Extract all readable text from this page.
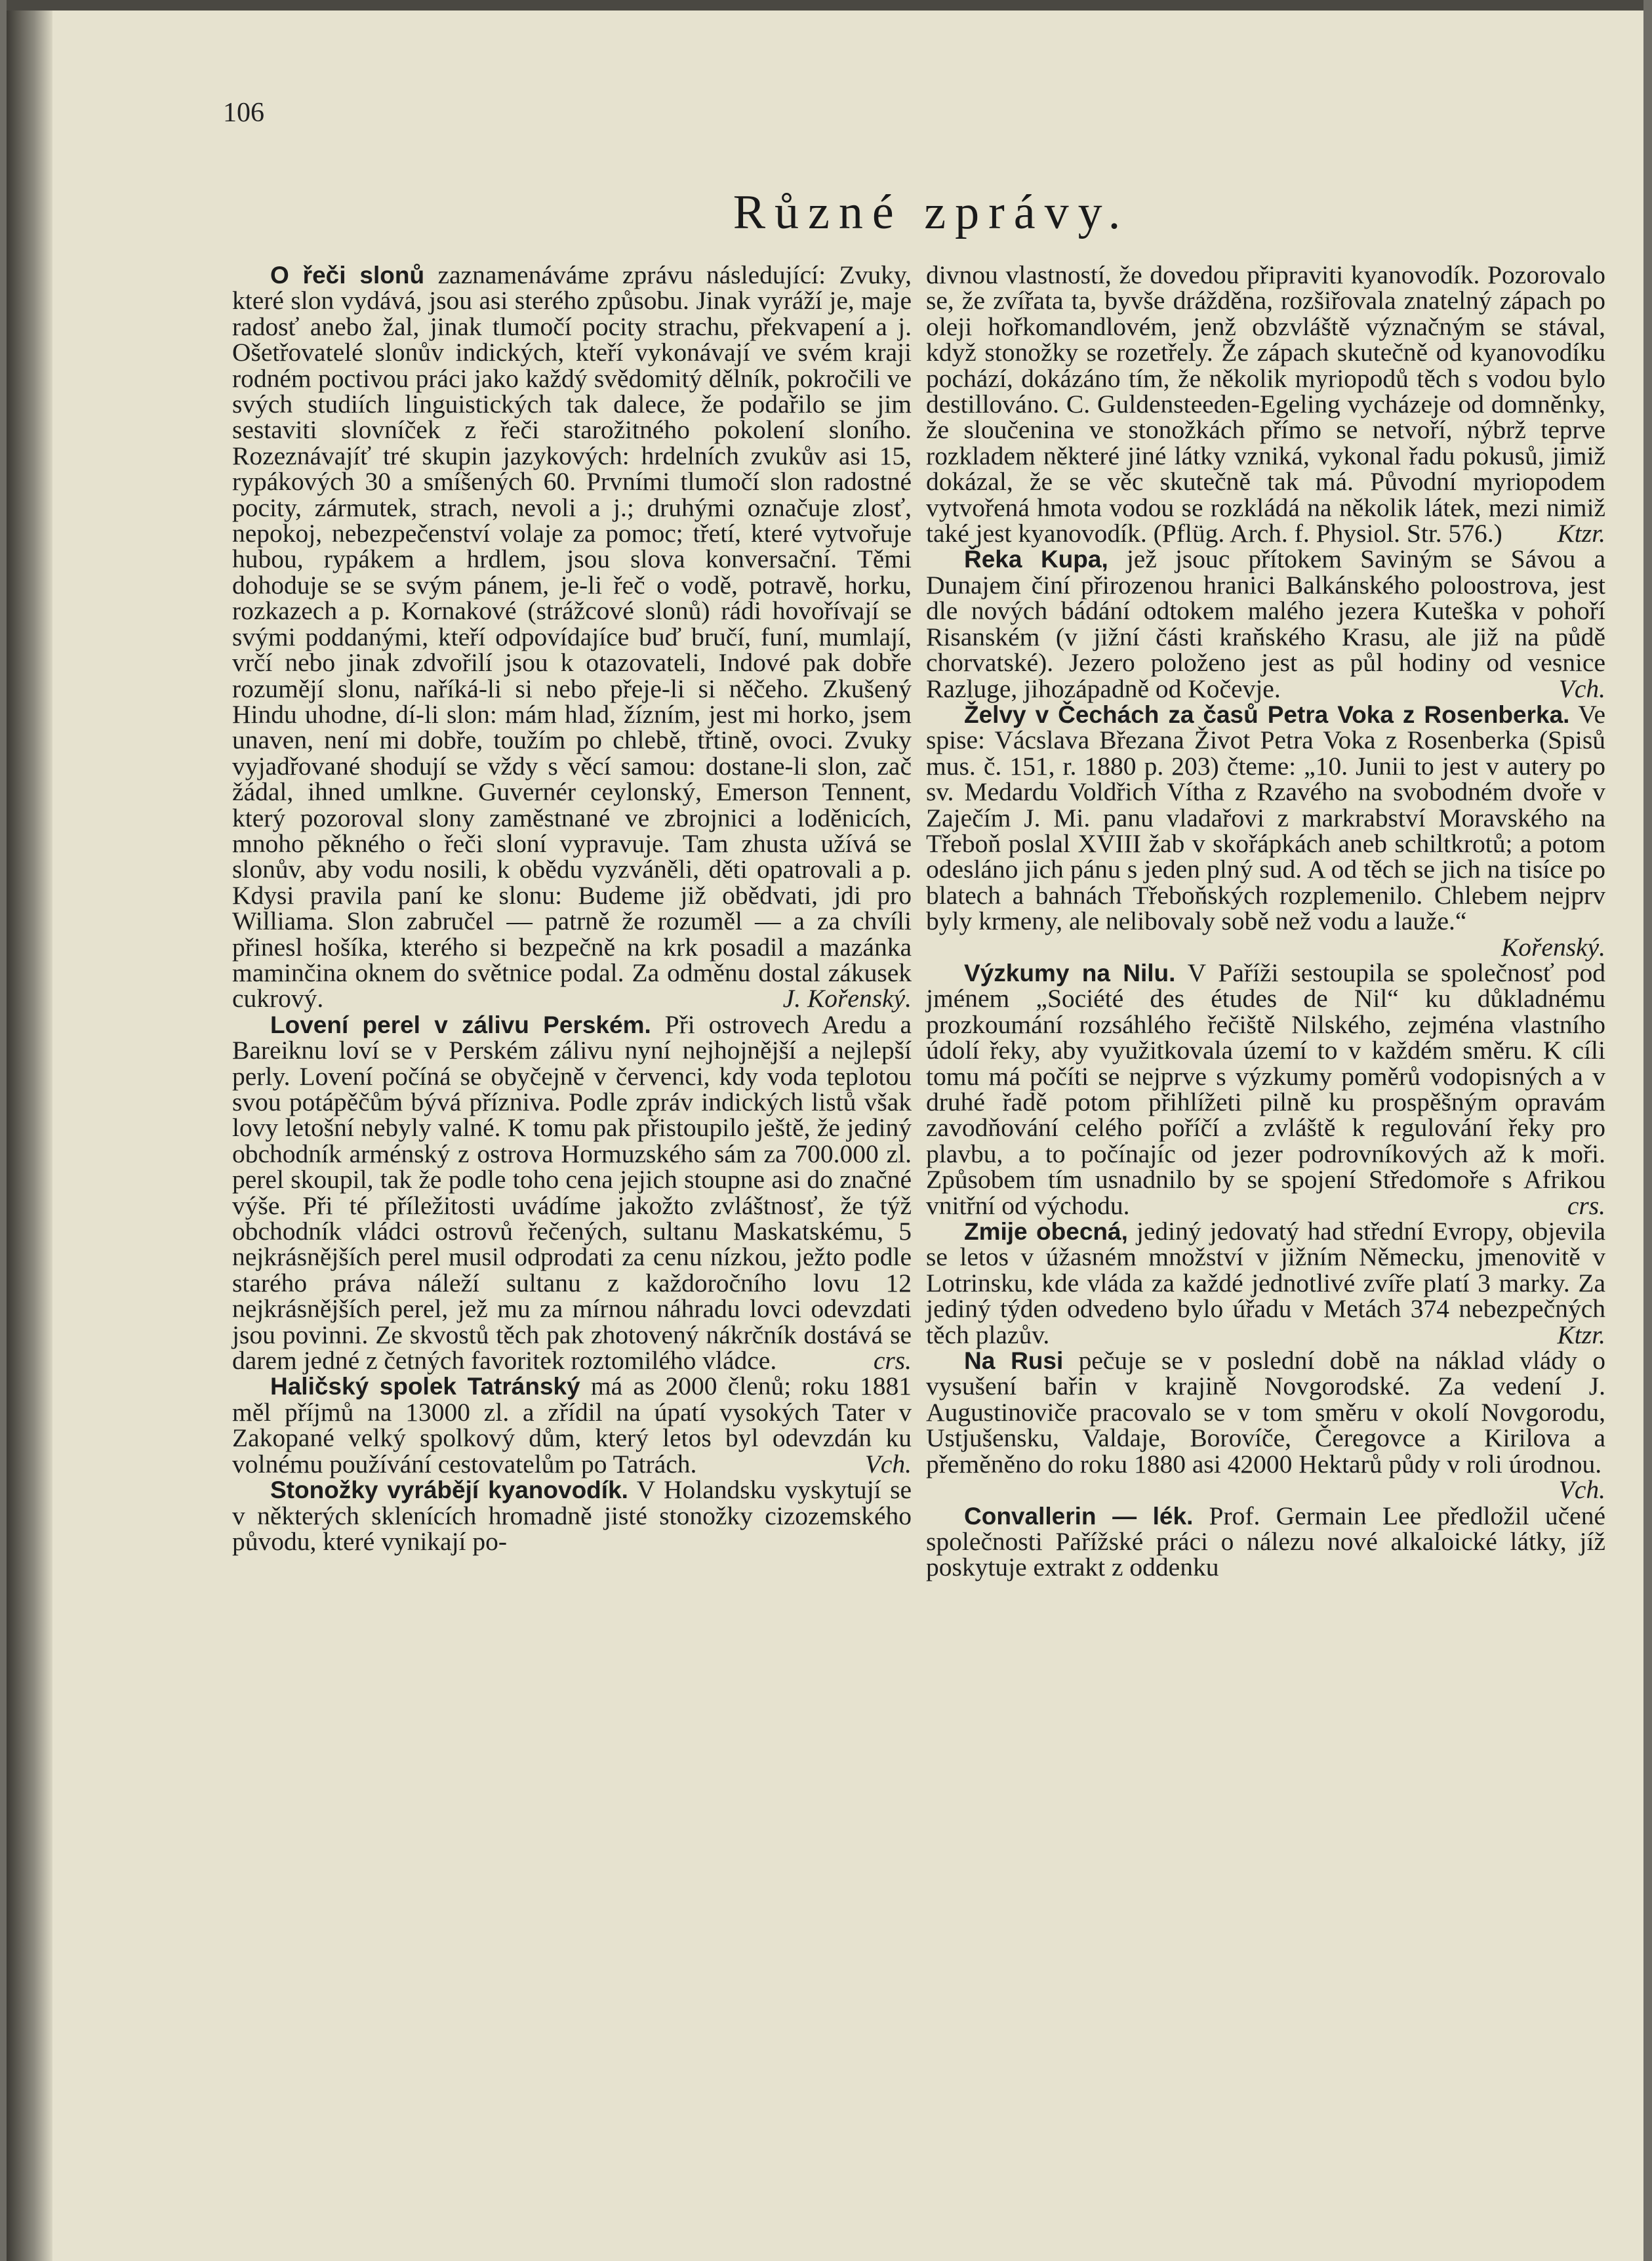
106
Různé zprávy.

O řeči slonů zaznamenáváme zprávu následující: Zvuky, které slon vydává, jsou asi sterého způsobu. Jinak vyráží je, maje radosť anebo žal, jinak tlumočí pocity strachu, překvapení a j. Ošetřovatelé slonův indických, kteří vykonávají ve svém kraji rodném poctivou práci jako každý svědomitý dělník, pokročili ve svých studiích linguistických tak dalece, že podařilo se jim sestaviti slovníček z řeči starožitného pokolení sloního. Rozeznávajíť tré skupin jazykových: hrdelních zvukův asi 15, rypákových 30 a smíšených 60. Prvními tlumočí slon radostné pocity, zármutek, strach, nevoli a j.; druhými označuje zlosť, nepokoj, nebezpečenství volaje za pomoc; třetí, které vytvořuje hubou, rypákem a hrdlem, jsou slova konversační. Těmi dohoduje se se svým pánem, je-li řeč o vodě, potravě, horku, rozkazech a p. Kornakové (strážcové slonů) rádi hovořívají se svými poddanými, kteří odpovídajíce buď bručí, funí, mumlají, vrčí nebo jinak zdvořilí jsou k otazovateli, Indové pak dobře rozumějí slonu, naříká-li si nebo přeje-li si něčeho. Zkušený Hindu uhodne, dí-li slon: mám hlad, žízním, jest mi horko, jsem unaven, není mi dobře, toužím po chlebě, třtině, ovoci. Zvuky vyjadřované shodují se vždy s věcí samou: dostane-li slon, zač žádal, ihned umlkne. Guvernér ceylonský, Emerson Tennent, který pozoroval slony zaměstnané ve zbrojnici a loděnicích, mnoho pěkného o řeči sloní vypravuje. Tam zhusta užívá se slonův, aby vodu nosili, k obědu vyzváněli, děti opatrovali a p. Kdysi pravila paní ke slonu: Budeme již obědvati, jdi pro Williama. Slon zabručel — patrně že rozuměl — a za chvíli přinesl hošíka, kterého si bezpečně na krk posadil a mazánka maminčina oknem do světnice podal. Za odměnu dostal zákusek cukrový.	J. Kořenský.

Lovení perel v zálivu Perském. Při ostrovech Aredu a Bareiknu loví se v Perském zálivu nyní nejhojnější a nejlepší perly. Lovení počíná se obyčejně v červenci, kdy voda teplotou svou potápěčům bývá přízniva. Podle zpráv indických listů však lovy letošní nebyly valné. K tomu pak přistoupilo ještě, že jediný obchodník arménský z ostrova Hormuzského sám za 700.000 zl. perel skoupil, tak že podle toho cena jejich stoupne asi do značné výše. Při té příležitosti uvádíme jakožto zvláštnosť, že týž obchodník vládci ostrovů řečených, sultanu Maskatskému, 5 nejkrásnějších perel musil odprodati za cenu nízkou, ježto podle starého práva náleží sultanu z každoročního lovu 12 nejkrásnějších perel, jež mu za mírnou náhradu lovci odevzdati jsou povinni. Ze skvostů těch pak zhotovený nákrčník dostává se darem jedné z četných favoritek roztomilého vládce.	crs.

Haličský spolek Tatránský má as 2000 členů; roku 1881 měl příjmů na 13000 zl. a zřídil na úpatí vysokých Tater v Zakopané velký spolkový dům, který letos byl odevzdán ku volnému používání cestovatelům po Tatrách.	Vch.

Stonožky vyrábějí kyanovodík. V Holandsku vyskytují se v některých sklenících hromadně jisté stonožky cizozemského původu, které vynikají po-

divnou vlastností, že dovedou připraviti kyanovodík. Pozorovalo se, že zvířata ta, byvše drážděna, rozšiřovala znatelný zápach po oleji hořkomandlovém, jenž obzvláště význačným se stával, když stonožky se rozetřely. Že zápach skutečně od kyanovodíku pochází, dokázáno tím, že několik myriopodů těch s vodou bylo destillováno. C. Guldensteeden-Egeling vycházeje od domněnky, že sloučenina ve stonožkách přímo se netvoří, nýbrž teprve rozkladem některé jiné látky vzniká, vykonal řadu pokusů, jimiž dokázal, že se věc skutečně tak má. Původní myriopodem vytvořená hmota vodou se rozkládá na několik látek, mezi nimiž také jest kyanovodík. (Pflüg. Arch. f. Physiol. Str. 576.)	Ktzr.

Řeka Kupa, jež jsouc přítokem Saviným se Sávou a Dunajem činí přirozenou hranici Balkánského poloostrova, jest dle nových bádání odtokem malého jezera Kuteška v pohoří Risanském (v jižní části kraňského Krasu, ale již na půdě chorvatské). Jezero položeno jest as půl hodiny od vesnice Razluge, jihozápadně od Kočevje.	Vch.

Želvy v Čechách za časů Petra Voka z Rosenberka. Ve spise: Vácslava Březana Život Petra Voka z Rosenberka (Spisů mus. č. 151, r. 1880 p. 203) čteme: „10. Junii to jest v autery po sv. Medardu Voldřich Vítha z Rzavého na svobodném dvoře v Zaječím J. Mi. panu vladařovi z markrabství Moravského na Třeboň poslal XVIII žab v skořápkách aneb schiltkrotů; a potom odesláno jich pánu s jeden plný sud. A od těch se jich na tisíce po blatech a bahnách Třeboňských rozplemenilo. Chlebem nejprv byly krmeny, ale nelibovaly sobě než vodu a lauže.“
Kořenský.

Výzkumy na Nilu. V Paříži sestoupila se společnosť pod jménem „Société des études de Nil“ ku důkladnému prozkoumání rozsáhlého řečiště Nilského, zejména vlastního údolí řeky, aby využitkovala území to v každém směru. K cíli tomu má počíti se nejprve s výzkumy poměrů vodopisných a v druhé řadě potom přihlížeti pilně ku prospěšným opravám zavodňování celého poříčí a zvláště k regulování řeky pro plavbu, a to počínajíc od jezer podrovníkových až k moři. Způsobem tím usnadnilo by se spojení Středomoře s Afrikou vnitřní od východu.	crs.

Zmije obecná, jediný jedovatý had střední Evropy, objevila se letos v úžasném množství v jižním Německu, jmenovitě v Lotrinsku, kde vláda za každé jednotlivé zvíře platí 3 marky. Za jediný týden odvedeno bylo úřadu v Metách 374 nebezpečných těch plazův.	Ktzr.

Na Rusi pečuje se v poslední době na náklad vlády o vysušení bařin v krajině Novgorodské. Za vedení J. Augustinoviče pracovalo se v tom směru v okolí Novgorodu, Ustjušensku, Valdaje, Borovíče, Čeregovce a Kirilova a přeměněno do roku 1880 asi 42000 Hektarů půdy v roli úrodnou.
Vch.

Convallerin — lék. Prof. Germain Lee předložil učené společnosti Pařížské práci o nálezu nové alkaloické látky, jíž poskytuje extrakt z oddenku
